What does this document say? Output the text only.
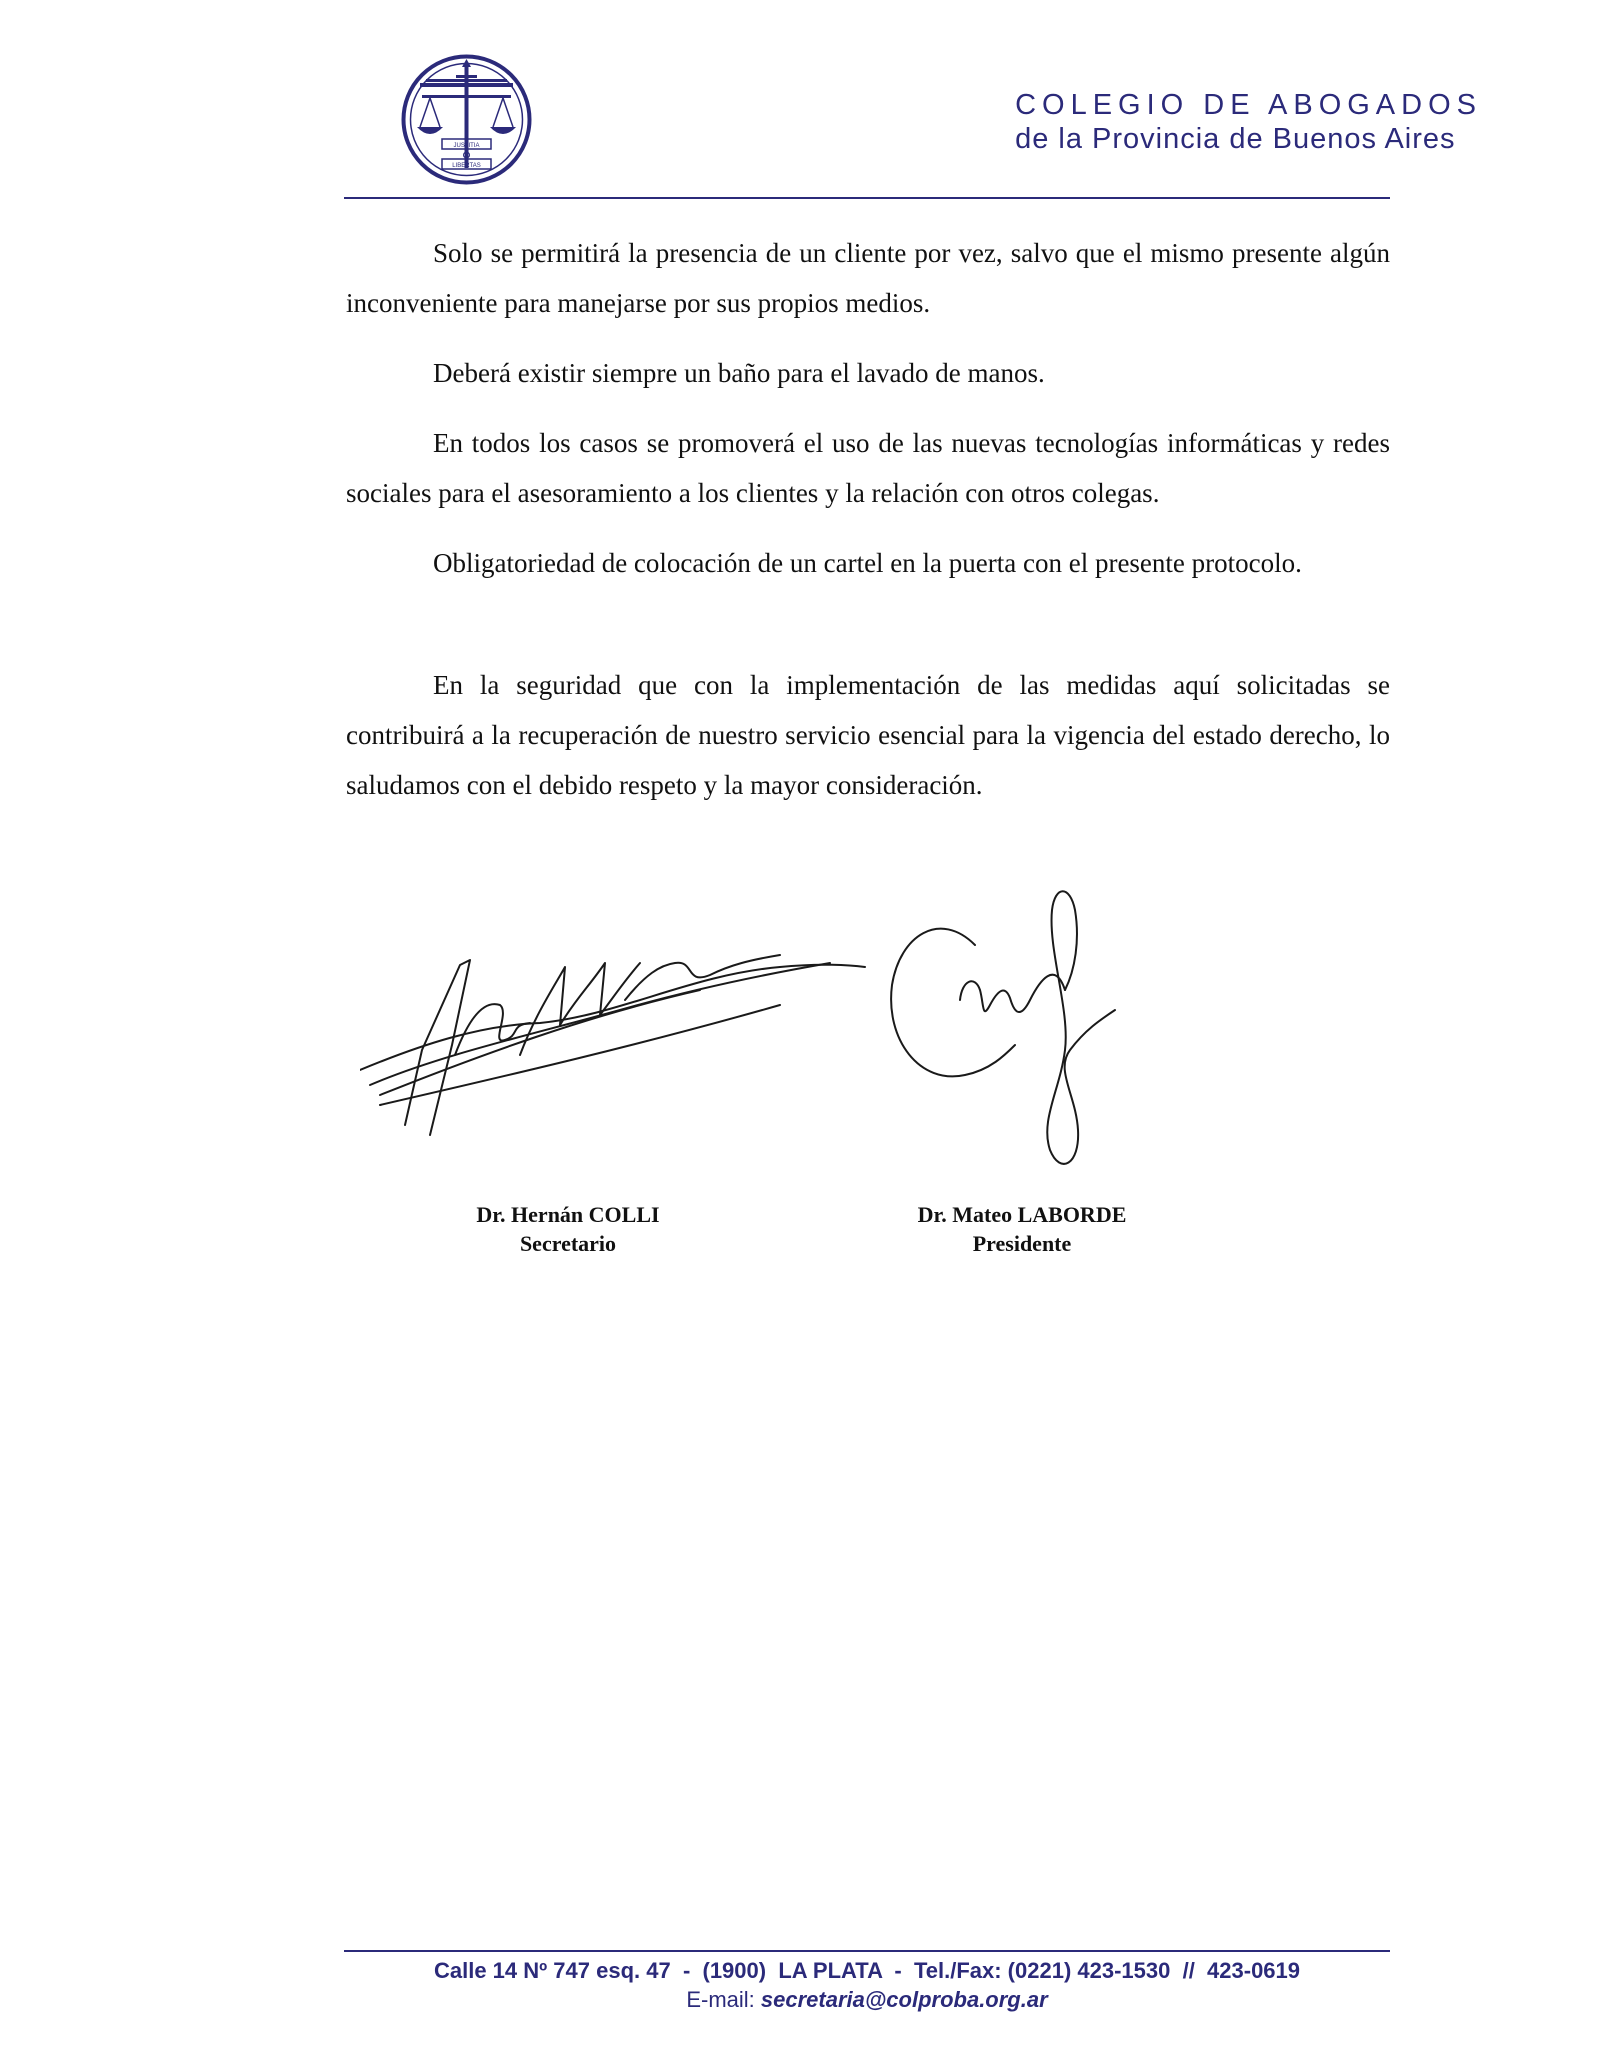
JUSTITIA
LIBERTAS
COLEGIO DE ABOGADOS
de la Provincia de Buenos Aires

Solo se permitirá la presencia de un cliente por vez, salvo que el mismo presente algún inconveniente para manejarse por sus propios medios.

Deberá existir siempre un baño para el lavado de manos.

En todos los casos se promoverá el uso de las nuevas tecnologías informáticas y redes sociales para el asesoramiento a los clientes y la relación con otros colegas.

Obligatoriedad de colocación de un cartel en la puerta con el presente protocolo.

En la seguridad que con la implementación de las medidas aquí solicitadas se contribuirá a la recuperación de nuestro servicio esencial para la vigencia del estado derecho, lo saludamos con el debido respeto y la mayor consideración.

Dr. Hernán COLLI
Secretario
Dr. Mateo LABORDE
Presidente
Calle 14 Nº 747 esq. 47  -  (1900)  LA PLATA  -  Tel./Fax: (0221) 423-1530  //  423-0619
E-mail: secretaria@colproba.org.ar
